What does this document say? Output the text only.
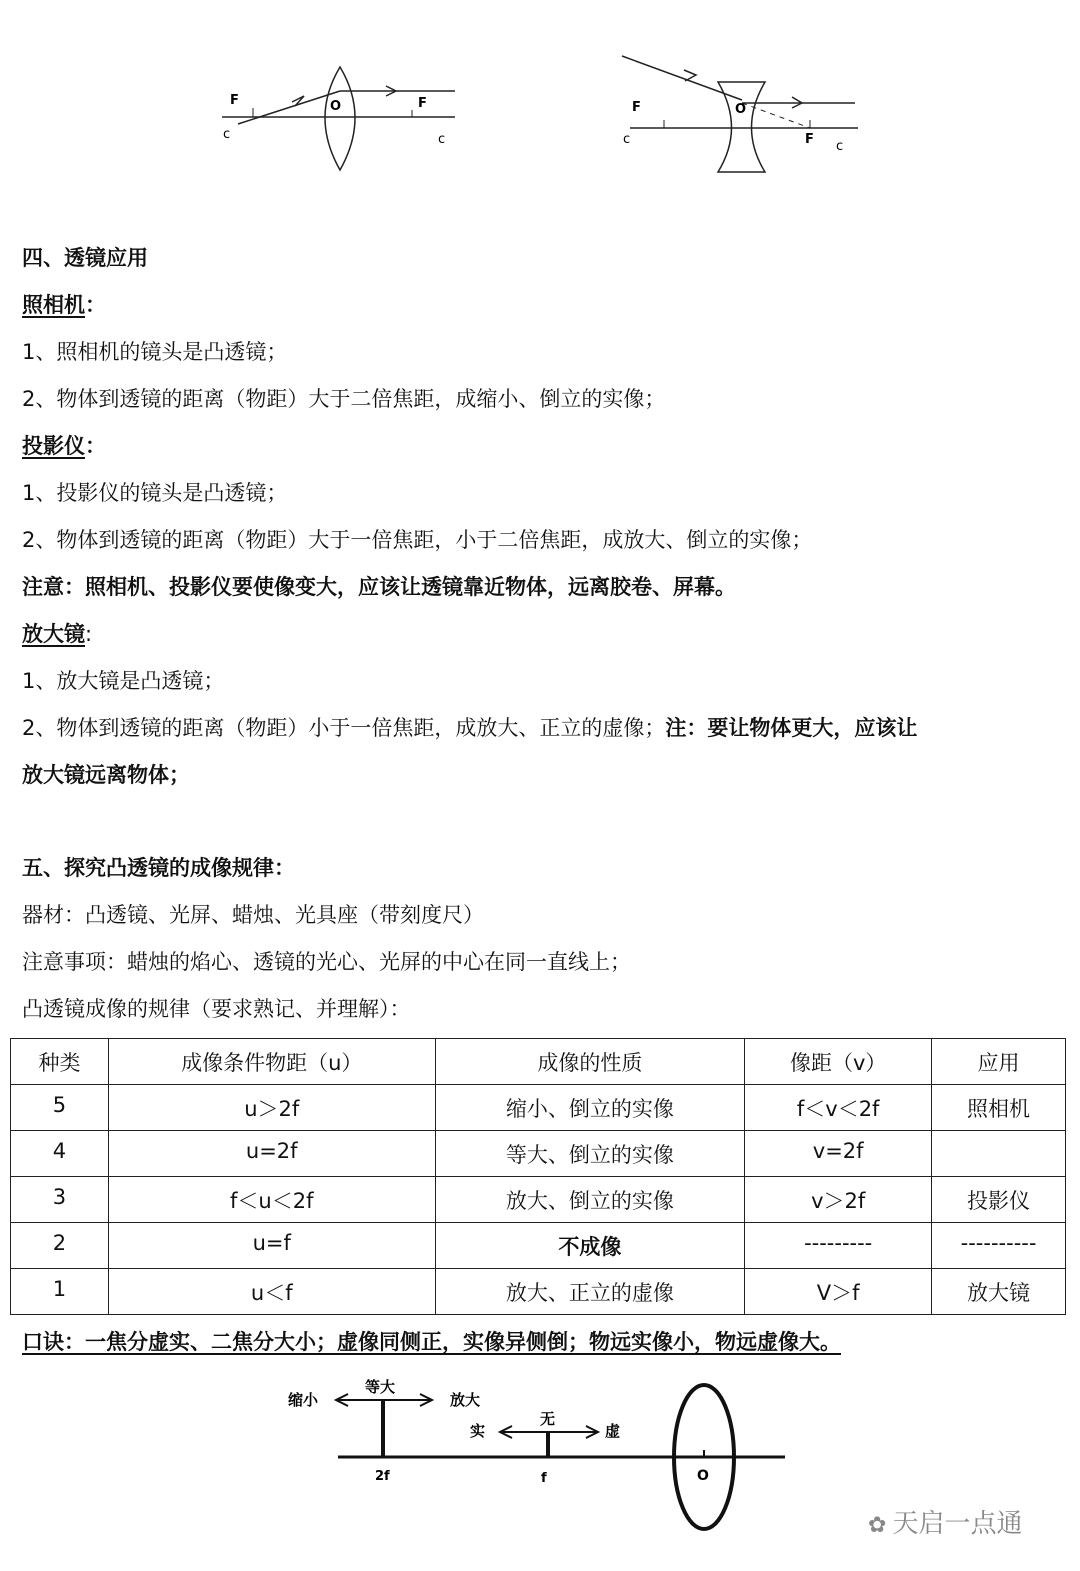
F
c
O	F
c
F
c
O
F c
四、透镜应用
照相机：
1、照相机的镜头是凸透镜；
2、物体到透镜的距离（物距）大于二倍焦距，成缩小、倒立的实像；
投影仪：
1、投影仪的镜头是凸透镜；
2、物体到透镜的距离（物距）大于一倍焦距，小于二倍焦距，成放大、倒立的实像；
注意：照相机、投影仪要使像变大，应该让透镜靠近物体，远离胶卷、屏幕。
放大镜:
1、放大镜是凸透镜；
2、物体到透镜的距离（物距）小于一倍焦距，成放大、正立的虚像；注：要让物体更大，应该让
放大镜远离物体；
五、探究凸透镜的成像规律：
器材：凸透镜、光屏、蜡烛、光具座（带刻度尺）
注意事项：蜡烛的焰心、透镜的光心、光屏的中心在同一直线上；
凸透镜成像的规律（要求熟记、并理解）：
种类	成像条件物距（u）	成像的性质	像距（v）	应用
5	u＞2f	缩小、倒立的实像	f＜v＜2f	照相机
4	u=2f	等大、倒立的实像	v=2f	
3	f＜u＜2f	放大、倒立的实像	v＞2f	投影仪
2	u=f	不成像	---------	----------
1	u＜f	放大、正立的虚像	V＞f	放大镜
口诀：一焦分虚实、二焦分大小；虚像同侧正，实像异侧倒；物远实像小，物远虚像大。
缩小
等大
放大
实
无
虚
2f	f	O
✿ 天启一点通
